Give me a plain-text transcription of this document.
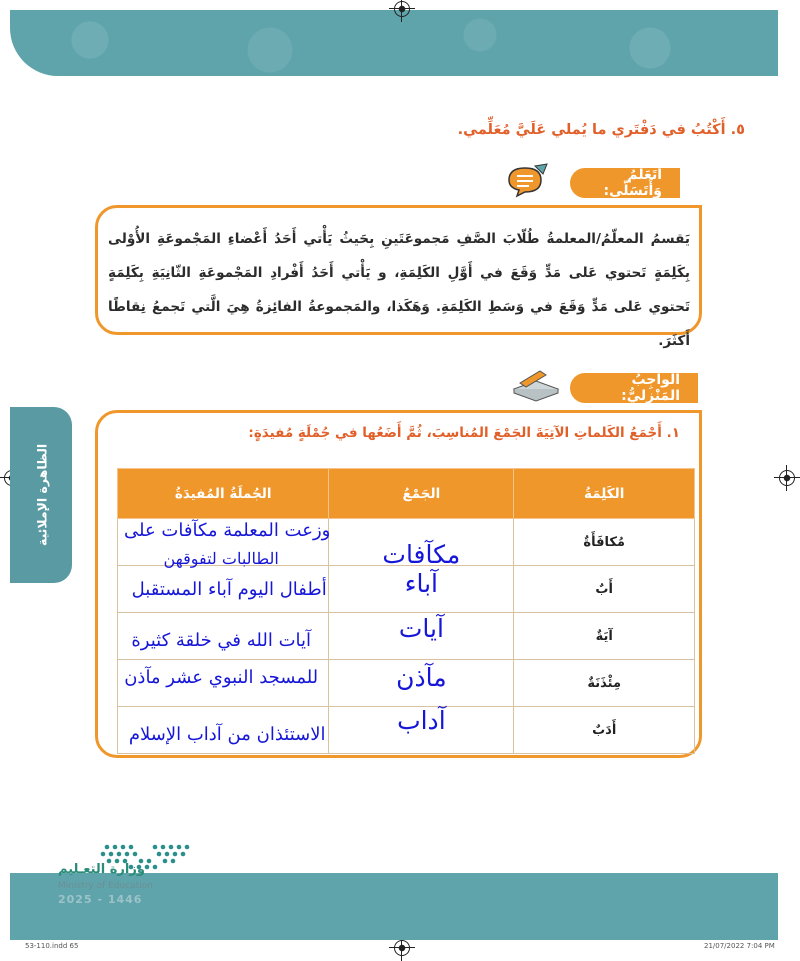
٥. أَكْتُبُ في دَفْتَري ما يُملي عَلَيَّ مُعَلِّمي.
أَتَعَلَّمُ وَأَتَسَلّى:
يَقسمُ المعلّمُ/المعلمةُ طُلّابَ الصَّفِ مَجموعَتَينِ بِحَيثُ يَأْتي أَحَدُ أَعْضاءِ المَجْموعَةِ الأُوْلى بِكَلِمَةٍ تَحتوي عَلى مَدٍّ وَقَعَ في أَوَّلِ الكَلِمَةِ، و يَأْتي أَحَدُ أَفْرادِ المَجْموعَةِ الثّانِيَةِ بِكَلِمَةٍ تَحتوي عَلى مَدٍّ وَقَعَ في وَسَطِ الكَلِمَةِ. وَهَكَذا، والمَجموعةُ الفائِزةُ هِيَ الَّتي تَجمعُ نِقاطًا أَكثَرَ.
الواجِبُ المَنْزِليُّ:
١. أَجْمَعُ الكَلماتِ الآتِيَةَ الجَمْعَ المُناسِبَ، ثُمَّ أَضَعُها في جُمْلَةٍ مُفيدَةٍ:
الكَلِمَةُ	الجَمْعُ	الجُملَةُ المُفيدَةُ
مُكافَأَةٌ	مكآفات	وزعت المعلمة مكآفات على
الطالبات لتفوقهن

أَبٌ	آباء	أطفال اليوم آباء المستقبل

آيَةٌ	آيات	آيات الله في خلقة كثيرة

مِئْذَنَةٌ	مآذن	للمسجد النبوي عشر مآذن

أَدَبٌ	آداب	الاستئذان من آداب الإسلام
الظاهرة الإملائية
وزارة التعـليم
Ministry of Education
2025 - 1446
53-110.indd 65	21/07/2022 7:04 PM
